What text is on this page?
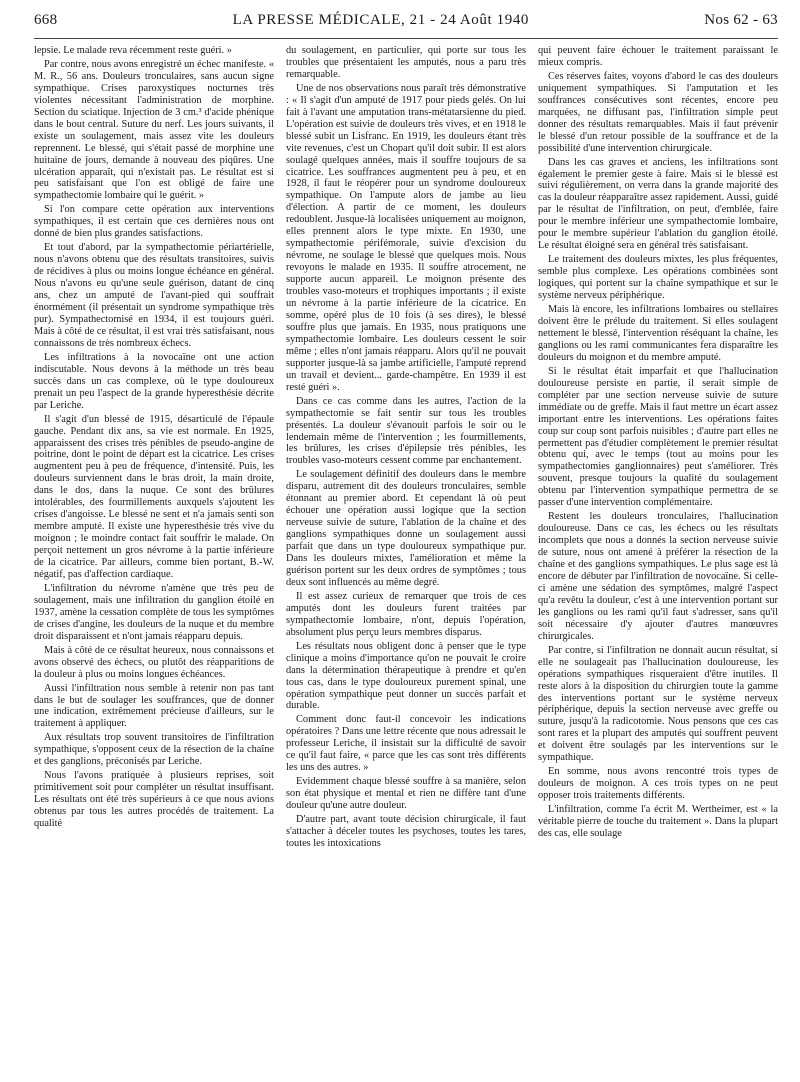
668	LA PRESSE MÉDICALE, 21 - 24 Août 1940	Nos 62 - 63

lepsie. Le malade reva récemment reste guéri. »

Par contre, nous avons enregistré un échec manifeste. « M. R., 56 ans. Douleurs tronculaires, sans aucun signe sympathique. Crises paroxystiques nocturnes très violentes nécessitant l'administration de morphine. Section du sciatique. Injection de 3 cm.³ d'acide phénique dans le bout central. Suture du nerf. Les jours suivants, il existe un soulagement, mais assez vite les douleurs reprennent. Le blessé, qui s'était passé de morphine une huitaine de jours, demande à nouveau des piqûres. Une ulcération apparaît, qui n'existait pas. Le résultat est si peu satisfaisant que l'on est obligé de faire une sympathectomie lombaire qui le guérit. »

Si l'on compare cette opération aux interventions sympathiques, il est certain que ces dernières nous ont donné de bien plus grandes satisfactions.

Et tout d'abord, par la sympathectomie périartérielle, nous n'avons obtenu que des résultats transitoires, suivis de récidives à plus ou moins longue échéance en général. Nous n'avons eu qu'une seule guérison, datant de cinq ans, chez un amputé de l'avant-pied qui souffrait énormément (il présentait un syndrome sympathique très pur). Sympathectomisé en 1934, il est toujours guéri. Mais à côté de ce résultat, il est vrai très satisfaisant, nous connaissons de très nombreux échecs.

Les infiltrations à la novocaïne ont une action indiscutable. Nous devons à la méthode un très beau succès dans un cas complexe, où le type douloureux prenait un peu l'aspect de la grande hyperesthésie décrite par Leriche.

Il s'agit d'un blessé de 1915, désarticulé de l'épaule gauche. Pendant dix ans, sa vie est normale. En 1925, apparaissent des crises très pénibles de pseudo-angine de poitrine, dont le point de départ est la cicatrice. Les crises augmentent peu à peu de fréquence, d'intensité. Puis, les douleurs surviennent dans le bras droit, la main droite, dans le dos, dans la nuque. Ce sont des brûlures intolérables, des fourmillements auxquels s'ajoutent les crises d'angoisse. Le blessé ne sent et n'a jamais senti son membre amputé. Il existe une hyperesthésie très vive du moignon ; le moindre contact fait souffrir le malade. On perçoit nettement un gros névrome à la partie inférieure de la cicatrice. Par ailleurs, comme bien portant, B.-W. négatif, pas d'affection cardiaque.

L'infiltration du névrome n'amène que très peu de soulagement, mais une infiltration du ganglion étoilé en 1937, amène la cessation complète de tous les symptômes de crises d'angine, les douleurs de la nuque et du membre droit disparaissent et n'ont jamais réapparu depuis.

Mais à côté de ce résultat heureux, nous connaissons et avons observé des échecs, ou plutôt des réapparitions de la douleur à plus ou moins longues échéances.

Aussi l'infiltration nous semble à retenir non pas tant dans le but de soulager les souffrances, que de donner une indication, extrêmement précieuse d'ailleurs, sur le traitement à appliquer.

Aux résultats trop souvent transitoires de l'infiltration sympathique, s'opposent ceux de la résection de la chaîne et des ganglions, préconisés par Leriche.

Nous l'avons pratiquée à plusieurs reprises, soit primitivement soit pour compléter un résultat insuffisant. Les résultats ont été très supérieurs à ce que nous avions obtenus par tous les autres procédés de traitement. La qualité

du soulagement, en particulier, qui porte sur tous les troubles que présentaient les amputés, nous a paru très remarquable.

Une de nos observations nous paraît très démonstrative : « Il s'agit d'un amputé de 1917 pour pieds gelés. On lui fait à l'avant une amputation trans-métatarsienne du pied. L'opération est suivie de douleurs très vives, et en 1918 le blessé subit un Lisfranc. En 1919, les douleurs étant très vite revenues, c'est un Chopart qu'il doit subir. Il est alors soulagé quelques années, mais il souffre toujours de sa cicatrice. Les souffrances augmentent peu à peu, et en 1928, il faut le réopérer pour un syndrome douloureux sympathique. On l'ampute alors de jambe au lieu d'élection. A partir de ce moment, les douleurs redoublent. Jusque-là localisées uniquement au moignon, elles prennent alors le type mixte. En 1930, une sympathectomie périfémorale, suivie d'excision du névrome, ne soulage le blessé que quelques mois. Nous revoyons le malade en 1935. Il souffre atrocement, ne supporte aucun appareil. Le moignon présente des troubles vaso-moteurs et trophiques importants ; il existe un névrome à la partie inférieure de la cicatrice. En somme, opéré plus de 10 fois (à ses dires), le blessé souffre plus que jamais. En 1935, nous pratiquons une sympathectomie lombaire. Les douleurs cessent le soir même ; elles n'ont jamais réapparu. Alors qu'il ne pouvait supporter jusque-là sa jambe artificielle, l'amputé reprend un travail et devient... garde-champêtre. En 1939 il est resté guéri ».

Dans ce cas comme dans les autres, l'action de la sympathectomie se fait sentir sur tous les troubles présentés. La douleur s'évanouit parfois le soir ou le lendemain même de l'intervention ; les fourmillements, les brûlures, les crises d'épilepsie très pénibles, les troubles vaso-moteurs cessent comme par enchantement.

Le soulagement définitif des douleurs dans le membre disparu, autrement dit des douleurs tronculaires, semble étonnant au premier abord. Et cependant là où peut échouer une opération aussi logique que la section nerveuse suivie de suture, l'ablation de la chaîne et des ganglions sympathiques donne un soulagement aussi parfait que dans un type douloureux sympathique pur. Dans les douleurs mixtes, l'amélioration et même la guérison portent sur les deux ordres de symptômes ; tous deux sont influencés au même degré.

Il est assez curieux de remarquer que trois de ces amputés dont les douleurs furent traitées par sympathectomie lombaire, n'ont, depuis l'opération, absolument plus perçu leurs membres disparus.

Les résultats nous obligent donc à penser que le type clinique a moins d'importance qu'on ne pouvait le croire dans la détermination thérapeutique à prendre et qu'en tous cas, dans le type douloureux purement spinal, une opération sympathique peut donner un succès parfait et durable.

Comment donc faut-il concevoir les indications opératoires ? Dans une lettre récente que nous adressait le professeur Leriche, il insistait sur la difficulté de savoir ce qu'il faut faire, « parce que les cas sont très différents les uns des autres. »

Evidemment chaque blessé souffre à sa manière, selon son état physique et mental et rien ne diffère tant d'une douleur qu'une autre douleur.

D'autre part, avant toute décision chirurgicale, il faut s'attacher à déceler toutes les psychoses, toutes les tares, toutes les intoxications

qui peuvent faire échouer le traitement paraissant le mieux compris.

Ces réserves faites, voyons d'abord le cas des douleurs uniquement sympathiques. Si l'amputation et les souffrances consécutives sont récentes, encore peu marquées, ne diffusant pas, l'infiltration simple peut donner des résultats remarquables. Mais il faut prévenir le blessé d'un retour possible de la souffrance et de la possibilité d'une intervention chirurgicale.

Dans les cas graves et anciens, les infiltrations sont également le premier geste à faire. Mais si le blessé est suivi régulièrement, on verra dans la grande majorité des cas la douleur réapparaître assez rapidement. Aussi, guidé par le résultat de l'infiltration, on peut, d'emblée, faire pour le membre inférieur une sympathectomie lombaire, pour le membre supérieur l'ablation du ganglion étoilé. Le résultat éloigné sera en général très satisfaisant.

Le traitement des douleurs mixtes, les plus fréquentes, semble plus complexe. Les opérations combinées sont logiques, qui portent sur la chaîne sympathique et sur le système nerveux périphérique.

Mais là encore, les infiltrations lombaires ou stellaires doivent être le prélude du traitement. Si elles soulagent nettement le blessé, l'intervention réséquant la chaîne, les ganglions ou les rami communicantes fera disparaître les douleurs du moignon et du membre amputé.

Si le résultat était imparfait et que l'hallucination douloureuse persiste en partie, il serait simple de compléter par une section nerveuse suivie de suture immédiate ou de greffe. Mais il faut mettre un écart assez important entre les interventions. Les opérations faites coup sur coup sont parfois nuisibles ; d'autre part elles ne permettent pas d'étudier complètement le premier résultat obtenu qui, avec le temps (tout au moins pour les sympathectomies ganglionnaires) peut s'améliorer. Très souvent, presque toujours la qualité du soulagement obtenu par l'intervention sympathique permettra de se passer d'une intervention complémentaire.

Restent les douleurs tronculaires, l'hallucination douloureuse. Dans ce cas, les échecs ou les résultats incomplets que nous a donnés la section nerveuse suivie de suture, nous ont amené à préférer la résection de la chaîne et des ganglions sympathiques. Le plus sage est là encore de débuter par l'infiltration de novocaïne. Si celle-ci amène une sédation des symptômes, malgré l'aspect qu'a revêtu la douleur, c'est à une intervention portant sur les ganglions ou les rami qu'il faut s'adresser, sans qu'il soit nécessaire d'y ajouter d'autres manœuvres chirurgicales.

Par contre, si l'infiltration ne donnait aucun résultat, si elle ne soulageait pas l'hallucination douloureuse, les opérations sympathiques risqueraient d'être inutiles. Il reste alors à la disposition du chirurgien toute la gamme des interventions portant sur le système nerveux périphérique, depuis la section nerveuse avec greffe ou suture, jusqu'à la radicotomie. Nous pensons que ces cas sont rares et la plupart des amputés qui souffrent peuvent et doivent être soulagés par les interventions sur le sympathique.

En somme, nous avons rencontré trois types de douleurs de moignon. A ces trois types on ne peut opposer trois traitements différents.

L'infiltration, comme l'a écrit M. Wertheimer, est « la véritable pierre de touche du traitement ». Dans la plupart des cas, elle soulage
